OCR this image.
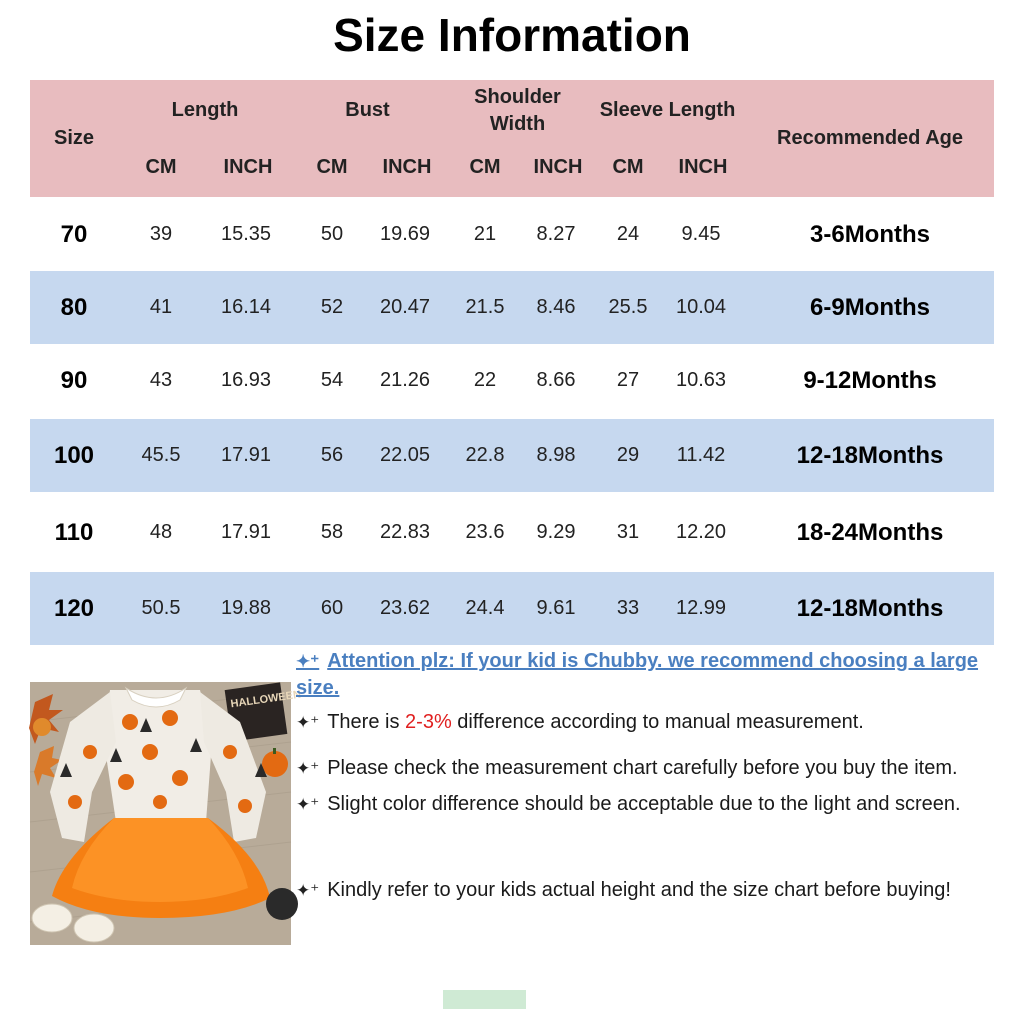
Size Information
Size
Length	Bust
Shoulder
Width
Sleeve Length
Recommended Age
CM	INCH	CM	INCH	CM	INCH	CM	INCH
70	39	15.35	50	19.69	21	8.27	24	9.45	3-6Months
80	41	16.14	52	20.47	21.5	8.46	25.5	10.04	6-9Months
90	43	16.93	54	21.26	22	8.66	27	10.63	9-12Months
100	45.5	17.91	56	22.05	22.8	8.98	29	11.42	12-18Months
110	48	17.91	58	22.83	23.6	9.29	31	12.20	18-24Months
120	50.5	19.88	60	23.62	24.4	9.61	33	12.99	12-18Months
HALLOWEEN
✦⁺ Attention plz: If your kid is Chubby. we recommend choosing a large size.
✦⁺ There is 2-3% difference according to manual measurement.
✦⁺ Please check the measurement chart carefully before you buy the item.
✦⁺ Slight color difference should be acceptable due to the light and screen.
✦⁺ Kindly refer to your kids actual height and the size chart before buying!
